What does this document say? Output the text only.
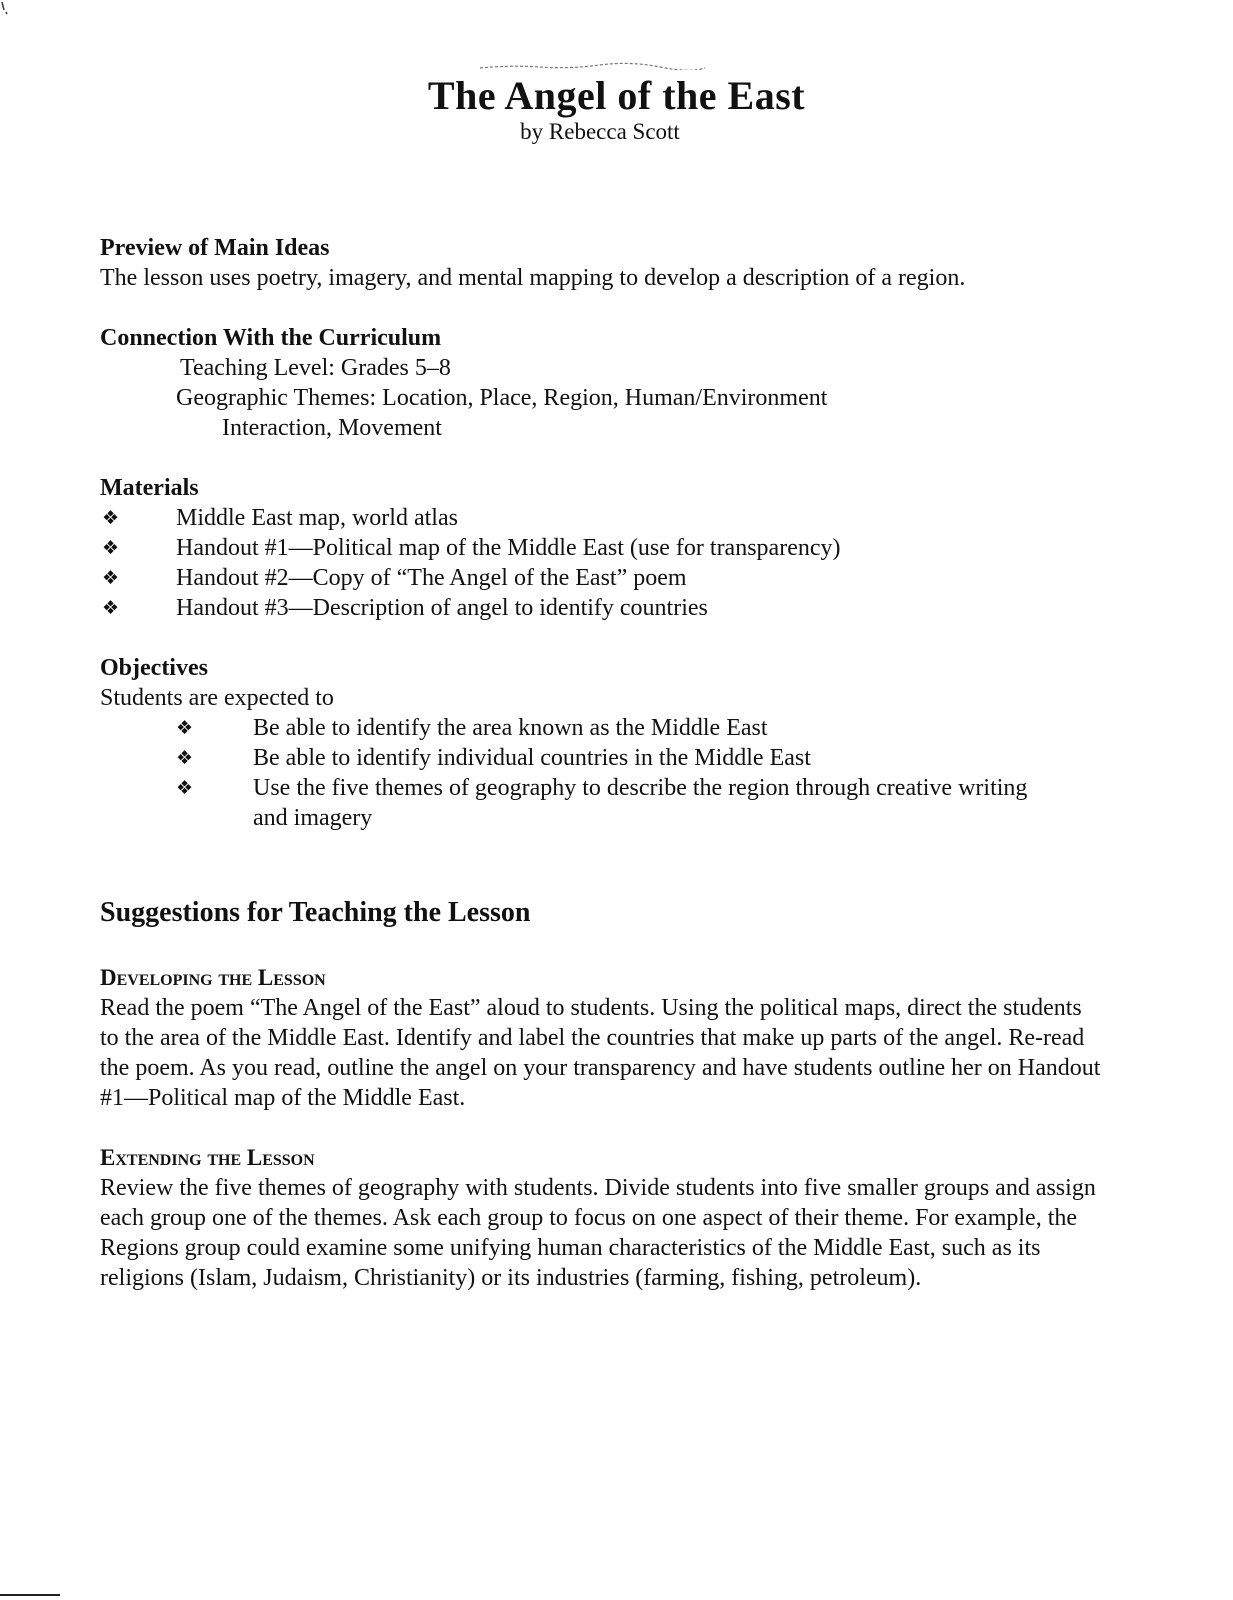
The Angel of the East
by Rebecca Scott
Preview of Main Ideas

The lesson uses poetry, imagery, and mental mapping to develop a description of a region.

Connection With the Curriculum

Teaching Level: Grades 5–8

Geographic Themes: Location, Place, Region, Human/Environment

Interaction, Movement

Materials
❖ Middle East map, world atlas
❖ Handout #1—Political map of the Middle East (use for transparency)
❖ Handout #2—Copy of “The Angel of the East” poem
❖ Handout #3—Description of angel to identify countries
Objectives

Students are expected to

❖ Be able to identify the area known as the Middle East
❖ Be able to identify individual countries in the Middle East
❖ Use the five themes of geography to describe the region through creative writing and imagery
Suggestions for Teaching the Lesson
Developing the Lesson

Read the poem “The Angel of the East” aloud to students. Using the political maps, direct the students to the area of the Middle East. Identify and label the countries that make up parts of the angel. Re-read the poem. As you read, outline the angel on your transparency and have students outline her on Handout #1—Political map of the Middle East.

Extending the Lesson

Review the five themes of geography with students. Divide students into five smaller groups and assign each group one of the themes. Ask each group to focus on one aspect of their theme. For example, the Regions group could examine some unifying human characteristics of the Middle East, such as its religions (Islam, Judaism, Christianity) or its industries (farming, fishing, petroleum).
